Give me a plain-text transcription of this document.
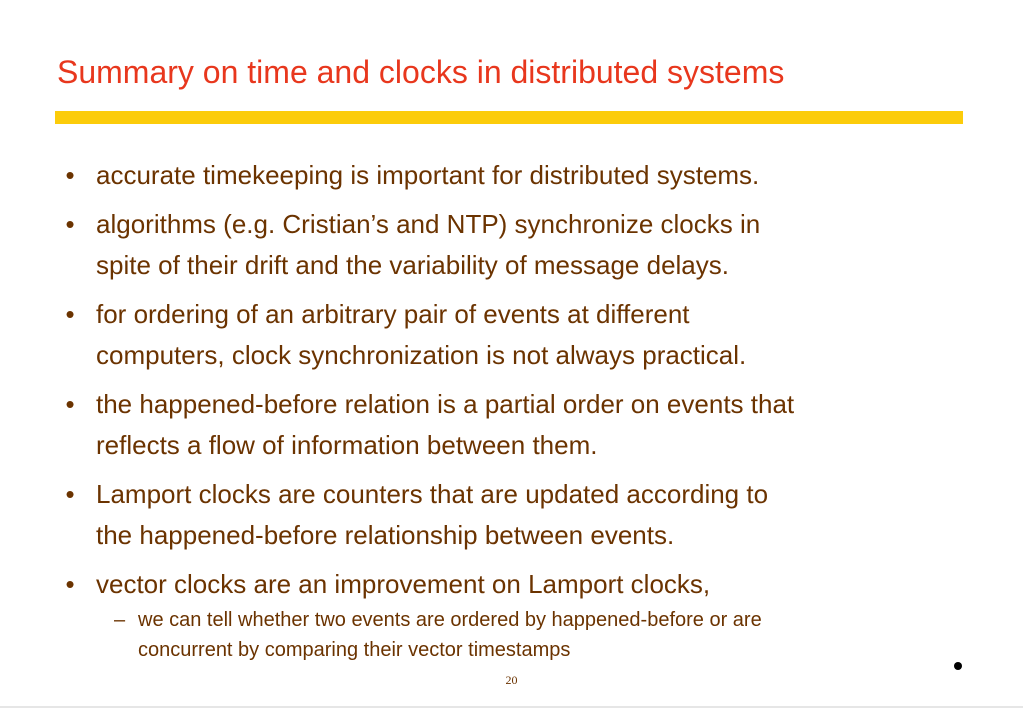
Summary on time and clocks in distributed systems
• accurate timekeeping is important for distributed systems.
• algorithms (e.g. Cristian’s and NTP) synchronize clocks in
spite of their drift and the variability of message delays.
• for ordering of an arbitrary pair of events at different
computers, clock synchronization is not always practical.
• the happened-before relation is a partial order on events that
reflects a flow of information between them.
• Lamport clocks are counters that are updated according to
the happened-before relationship between events.
• vector clocks are an improvement on Lamport clocks,
– we can tell whether two events are ordered by happened-before or are
concurrent by comparing their vector timestamps
20
